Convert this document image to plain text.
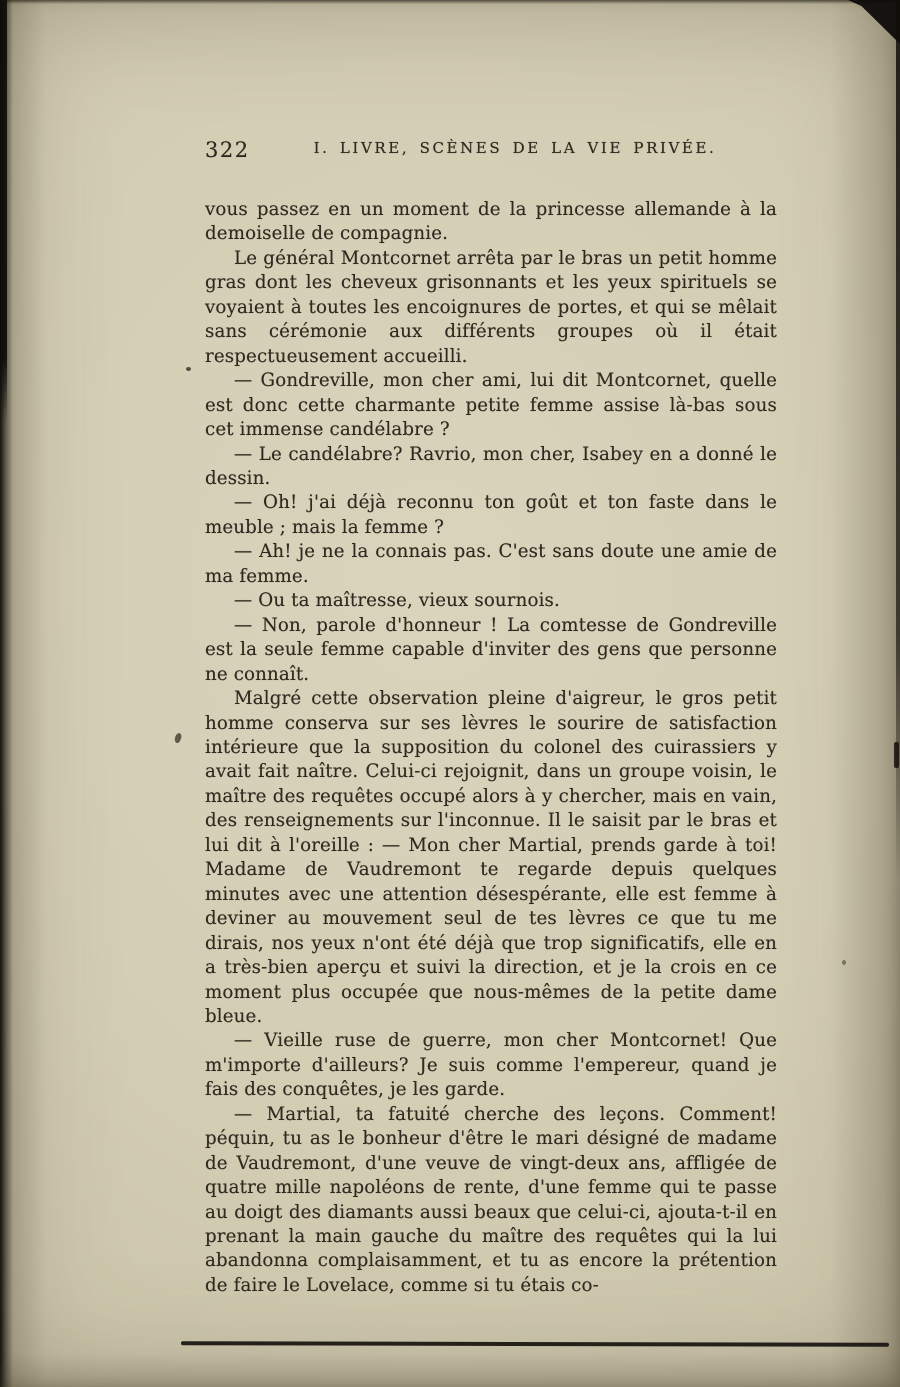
322	I. LIVRE, SCÈNES DE LA VIE PRIVÉE.

vous passez en un moment de la princesse allemande à la demoiselle de compagnie.

Le général Montcornet arrêta par le bras un petit homme gras dont les cheveux grisonnants et les yeux spirituels se voyaient à toutes les encoignures de portes, et qui se mêlait sans cérémonie aux différents groupes où il était respectueusement accueilli.

— Gondreville, mon cher ami, lui dit Montcornet, quelle est donc cette charmante petite femme assise là-bas sous cet immense candélabre ?

— Le candélabre? Ravrio, mon cher, Isabey en a donné le dessin.

— Oh! j'ai déjà reconnu ton goût et ton faste dans le meuble ; mais la femme ?

— Ah! je ne la connais pas. C'est sans doute une amie de ma femme.

— Ou ta maîtresse, vieux sournois.

— Non, parole d'honneur ! La comtesse de Gondreville est la seule femme capable d'inviter des gens que personne ne connaît.

Malgré cette observation pleine d'aigreur, le gros petit homme conserva sur ses lèvres le sourire de satisfaction intérieure que la supposition du colonel des cuirassiers y avait fait naître. Celui-ci rejoignit, dans un groupe voisin, le maître des requêtes occupé alors à y chercher, mais en vain, des renseignements sur l'inconnue. Il le saisit par le bras et lui dit à l'oreille : — Mon cher Martial, prends garde à toi! Madame de Vaudremont te regarde depuis quelques minutes avec une attention désespérante, elle est femme à deviner au mouvement seul de tes lèvres ce que tu me dirais, nos yeux n'ont été déjà que trop significatifs, elle en a très-bien aperçu et suivi la direction, et je la crois en ce moment plus occupée que nous-mêmes de la petite dame bleue.

— Vieille ruse de guerre, mon cher Montcornet! Que m'importe d'ailleurs? Je suis comme l'empereur, quand je fais des conquêtes, je les garde.

— Martial, ta fatuité cherche des leçons. Comment! péquin, tu as le bonheur d'être le mari désigné de madame de Vaudremont, d'une veuve de vingt-deux ans, affligée de quatre mille napoléons de rente, d'une femme qui te passe au doigt des diamants aussi beaux que celui-ci, ajouta-t-il en prenant la main gauche du maître des requêtes qui la lui abandonna complaisamment, et tu as encore la prétention de faire le Lovelace, comme si tu étais co-
